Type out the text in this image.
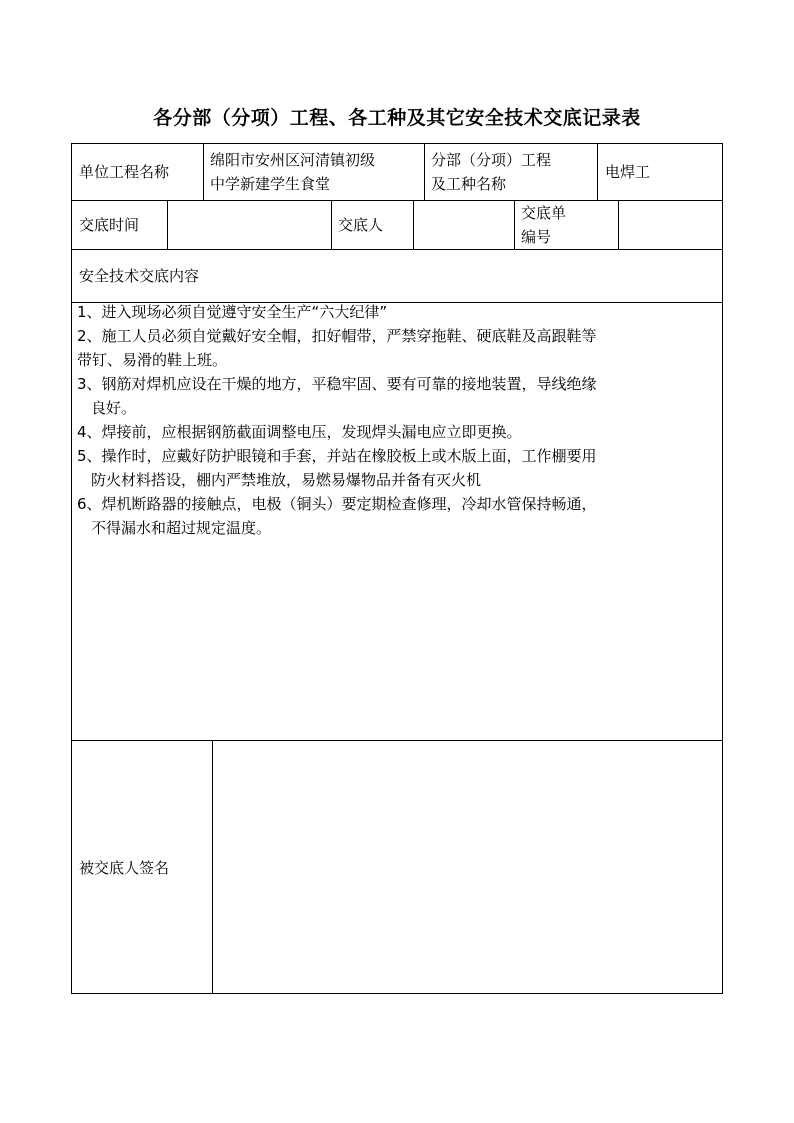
各分部（分项）工程、各工种及其它安全技术交底记录表
单位工程名称
绵阳市安州区河清镇初级
中学新建学生食堂
分部（分项）工程
及工种名称
电焊工
交底时间	交底人
交底单
编号
安全技术交底内容
1、进入现场必须自觉遵守安全生产“六大纪律”
2、施工人员必须自觉戴好安全帽，扣好帽带，严禁穿拖鞋、硬底鞋及高跟鞋等
带钉、易滑的鞋上班。
3、钢筋对焊机应设在干燥的地方，平稳牢固、要有可靠的接地装置，导线绝缘
良好。
4、焊接前，应根据钢筋截面调整电压，发现焊头漏电应立即更换。
5、操作时，应戴好防护眼镜和手套，并站在橡胶板上或木版上面，工作棚要用
防火材料搭设，棚内严禁堆放，易燃易爆物品并备有灭火机
6、焊机断路器的接触点，电极（铜头）要定期检查修理，冷却水管保持畅通，
不得漏水和超过规定温度。
被交底人签名
